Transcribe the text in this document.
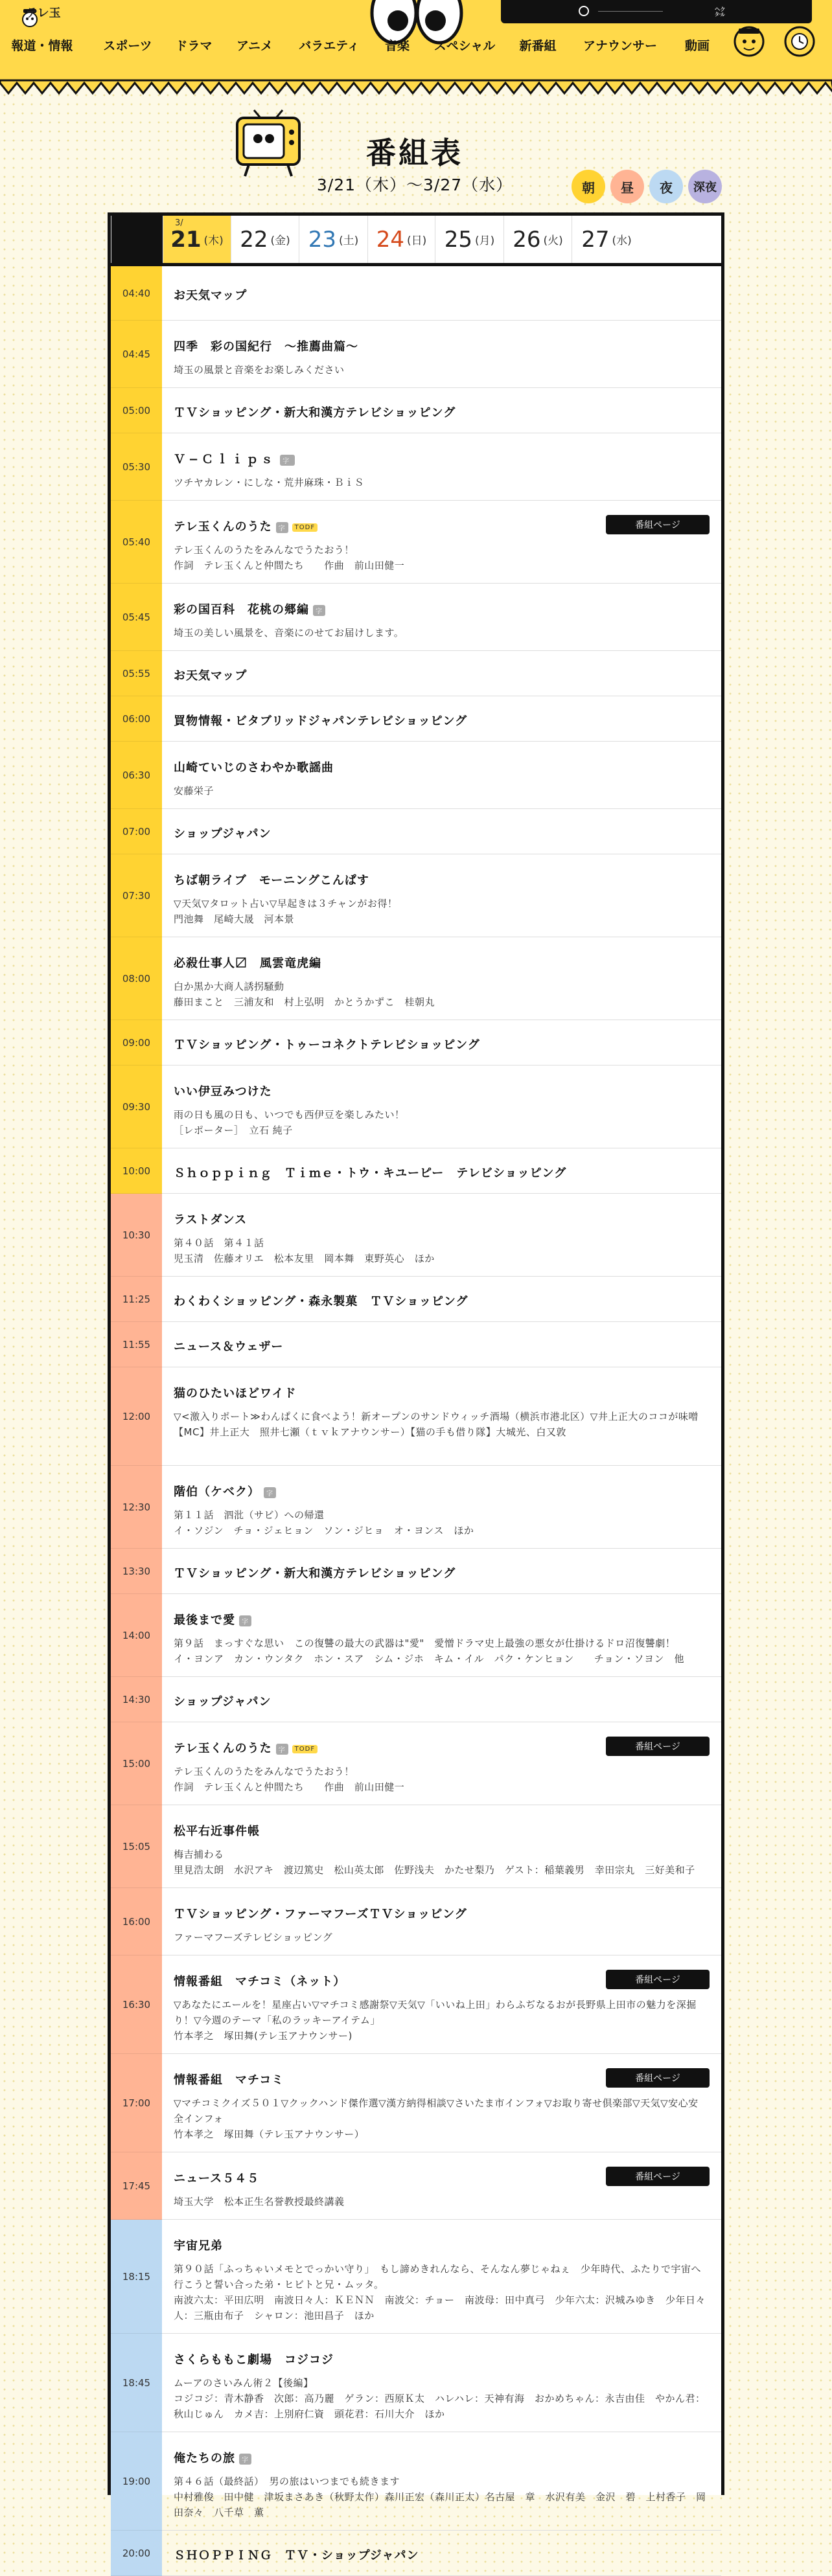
テレ玉	㌶
報道・情報 スポーツ ドラマ アニメ バラエティ 音楽 スペシャル 新番組 アナウンサー 動画
番組表
3/21（木）〜3/27（水）	朝	昼	夜	深夜
3/
21 (木) 22 (金) 23 (土) 24 (日) 25 (月) 26 (火) 27 (水)
04:40	お天気マップ
04:45
四季　彩の国紀行　〜推薦曲篇〜
埼玉の風景と音楽をお楽しみください
05:00	ＴＶショッピング・新大和漢方テレビショッピング
05:30
Ｖ−Ｃｌｉｐｓ 字
ツチヤカレン・にしな・荒井麻珠・ＢｉＳ
05:40
テレ玉くんのうた 字 TODF
テレ玉くんのうたをみんなでうたおう！
作詞　テレ玉くんと仲間たち　　作曲　前山田健一
番組ページ
05:45
彩の国百科　花桃の郷編 字
埼玉の美しい風景を、音楽にのせてお届けします。
05:55	お天気マップ
06:00	買物情報・ビタブリッドジャパンテレビショッピング
06:30
山崎ていじのさわやか歌謡曲
安藤栄子
07:00	ショップジャパン
07:30
ちば朝ライブ　モーニングこんぱす
▽天気▽タロット占い▽早起きは３チャンがお得！
門池舞　尾崎大晟　河本景
08:00
必殺仕事人〼　風雲竜虎編
白か黒か大商人誘拐騒動
藤田まこと　三浦友和　村上弘明　かとうかずこ　桂朝丸
09:00	ＴＶショッピング・トゥーコネクトテレビショッピング
09:30
いい伊豆みつけた
雨の日も風の日も、いつでも西伊豆を楽しみたい！
［レポーター］　立石 純子
10:00	Ｓｈｏｐｐｉｎｇ　Ｔｉｍｅ・トウ・キユーピー　テレビショッピング
10:30
ラストダンス
第４０話　第４１話
児玉清　佐藤オリエ　松本友里　岡本舞　東野英心　ほか
11:25	わくわくショッピング・森永製菓　ＴＶショッピング
11:55	ニュース＆ウェザー
12:00
猫のひたいほどワイド
▽<激入りポート≫わんぱくに食べよう！新オープンのサンドウィッチ酒場（横浜市港北区）▽井上正大のココが味噌
【MC】井上正大　照井七瀬（ｔｖｋアナウンサー）【猫の手も借り隊】大城光、白又敦
12:30
階伯（ケベク） 字
第１１話　泗沘（サビ）への帰還
イ・ソジン　チョ・ジェヒョン　ソン・ジヒョ　オ・ヨンス　ほか
13:30	ＴＶショッピング・新大和漢方テレビショッピング
14:00
最後まで愛 字
第９話　まっすぐな思い　この復讐の最大の武器は"愛"　愛憎ドラマ史上最強の悪女が仕掛けるドロ沼復讐劇！
イ・ヨンア　カン・ウンタク　ホン・スア　シム・ジホ　キム・イル　パク・ケンヒョン　　チョン・ソヨン　他
14:30	ショップジャパン
15:00
テレ玉くんのうた 字 TODF
テレ玉くんのうたをみんなでうたおう！
作詞　テレ玉くんと仲間たち　　作曲　前山田健一
番組ページ
15:05
松平右近事件帳
梅吉捕わる
里見浩太朗　水沢アキ　渡辺篤史　松山英太郎　佐野浅夫　かたせ梨乃　ゲスト：稲葉義男　幸田宗丸　三好美和子
16:00
ＴＶショッピング・ファーマフーズＴＶショッピング
ファーマフーズテレビショッピング
16:30
情報番組　マチコミ（ネット）
▽あなたにエールを！星座占い▽マチコミ感謝祭▽天気▽「いいね上田」わらふぢなるおが長野県上田市の魅力を深掘り！▽今週のテーマ「私のラッキーアイテム」
竹本孝之　塚田舞(テレ玉アナウンサー)
番組ページ
17:00
情報番組　マチコミ
▽マチコミクイズ５０１▽クックハンド傑作選▽漢方納得相談▽さいたま市インフォ▽お取り寄せ倶楽部▽天気▽安心安全インフォ
竹本孝之　塚田舞（テレ玉アナウンサー）
番組ページ
17:45
ニュース５４５
埼玉大学　松本正生名誉教授最終講義
番組ページ
18:15
宇宙兄弟
第９０話「ふっちゃいメモとでっかい守り」　もし諦めきれんなら、そんなん夢じゃねぇ　少年時代、ふたりで宇宙へ行こうと誓い合った弟・ヒビトと兄・ムッタ。
南波六太：平田広明　南波日々人：ＫＥＮＮ　南波父：チョー　南波母：田中真弓　少年六太：沢城みゆき　少年日々人：三瓶由布子　シャロン：池田昌子　ほか
18:45
さくらももこ劇場　コジコジ
ムーアのさいみん術２【後編】
コジコジ：青木静香　次郎：高乃麗　ゲラン：西原Ｋ太　ハレハレ：天神有海　おかめちゃん：永吉由佳　やかん君：秋山じゅん　カメ吉：上別府仁資　頭花君：石川大介　ほか
19:00
俺たちの旅 字
第４６話（最終話）　男の旅はいつまでも続きます
中村雅俊　田中健　津坂まさあき（秋野太作）森川正宏（森川正太）名古屋　章　水沢有美　金沢　碧　上村香子　岡田奈々　八千草　薫
20:00	ＳＨＯＰＰＩＮＧ　ＴＶ・ショップジャパン
